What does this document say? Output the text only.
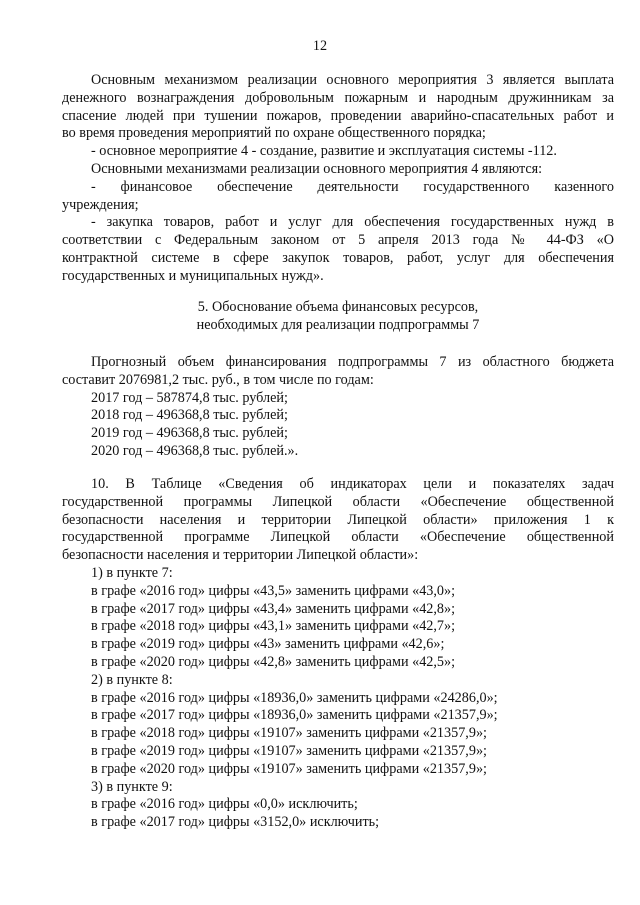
12

Основным механизмом реализации основного мероприятия 3 является выплата

денежного вознаграждения добровольным пожарным и народным дружинникам за

спасение людей при тушении пожаров, проведении аварийно-спасательных работ и

во время проведения мероприятий по охране общественного порядка;

- основное мероприятие 4 - создание, развитие и эксплуатация системы -112.

Основными механизмами реализации основного мероприятия 4 являются:

- финансовое обеспечение деятельности государственного казенного

учреждения;

- закупка товаров, работ и услуг для обеспечения государственных нужд в

соответствии с Федеральным законом от 5 апреля 2013 года № 44-ФЗ «О

контрактной системе в сфере закупок товаров, работ, услуг для обеспечения

государственных и муниципальных нужд».

5. Обоснование объема финансовых ресурсов,

необходимых для реализации подпрограммы 7

Прогнозный объем финансирования подпрограммы 7 из областного бюджета

составит 2076981,2 тыс. руб., в том числе по годам:

2017 год – 587874,8 тыс. рублей;

2018 год – 496368,8 тыс. рублей;

2019 год – 496368,8 тыс. рублей;

2020 год – 496368,8 тыс. рублей.».

10. В Таблице «Сведения об индикаторах цели и показателях задач

государственной программы Липецкой области «Обеспечение общественной

безопасности населения и территории Липецкой области» приложения 1 к

государственной программе Липецкой области «Обеспечение общественной

безопасности населения и территории Липецкой области»:

1) в пункте 7:

в графе «2016 год» цифры «43,5» заменить цифрами «43,0»;

в графе «2017 год» цифры «43,4» заменить цифрами «42,8»;

в графе «2018 год» цифры «43,1» заменить цифрами «42,7»;

в графе «2019 год» цифры «43» заменить цифрами «42,6»;

в графе «2020 год» цифры «42,8» заменить цифрами «42,5»;

2) в пункте 8:

в графе «2016 год» цифры «18936,0» заменить цифрами «24286,0»;

в графе «2017 год» цифры «18936,0» заменить цифрами «21357,9»;

в графе «2018 год» цифры «19107» заменить цифрами «21357,9»;

в графе «2019 год» цифры «19107» заменить цифрами «21357,9»;

в графе «2020 год» цифры «19107» заменить цифрами «21357,9»;

3) в пункте 9:

в графе «2016 год» цифры «0,0» исключить;

в графе «2017 год» цифры «3152,0» исключить;
